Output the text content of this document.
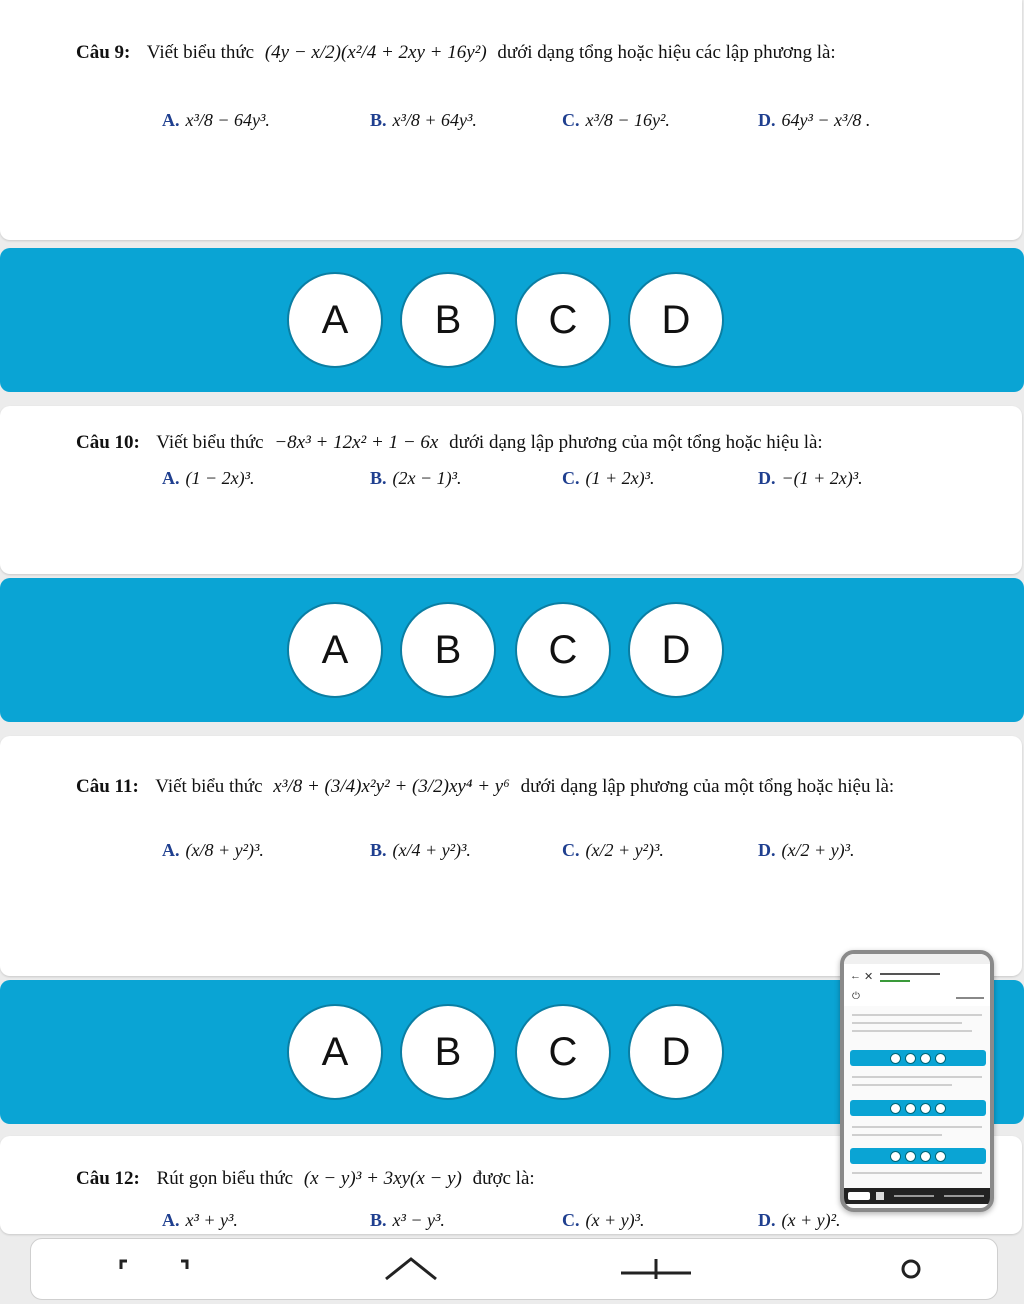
Câu 9: Viết biểu thức (4y − x/2)(x²/4 + 2xy + 16y²) dưới dạng tổng hoặc hiệu các lập phương là:
A. x³/8 − 64y³.	B. x³/8 + 64y³.	C. x³/8 − 16y².	D. 64y³ − x³/8 .
A	B	C	D
Câu 10: Viết biểu thức −8x³ + 12x² + 1 − 6x dưới dạng lập phương của một tổng hoặc hiệu là:
A. (1 − 2x)³.	B. (2x − 1)³.	C. (1 + 2x)³.	D. −(1 + 2x)³.
A	B	C	D
Câu 11: Viết biểu thức x³/8 + (3/4)x²y² + (3/2)xy⁴ + y⁶ dưới dạng lập phương của một tổng hoặc hiệu là:
A. (x/8 + y²)³.	B. (x/4 + y²)³.	C. (x/2 + y²)³.	D. (x/2 + y)³.
A	B	C	D
Câu 12: Rút gọn biểu thức (x − y)³ + 3xy(x − y) được là:
A. x³ + y³.	B. x³ − y³.	C. (x + y)³.	D. (x + y)².
← ✕
⏻
